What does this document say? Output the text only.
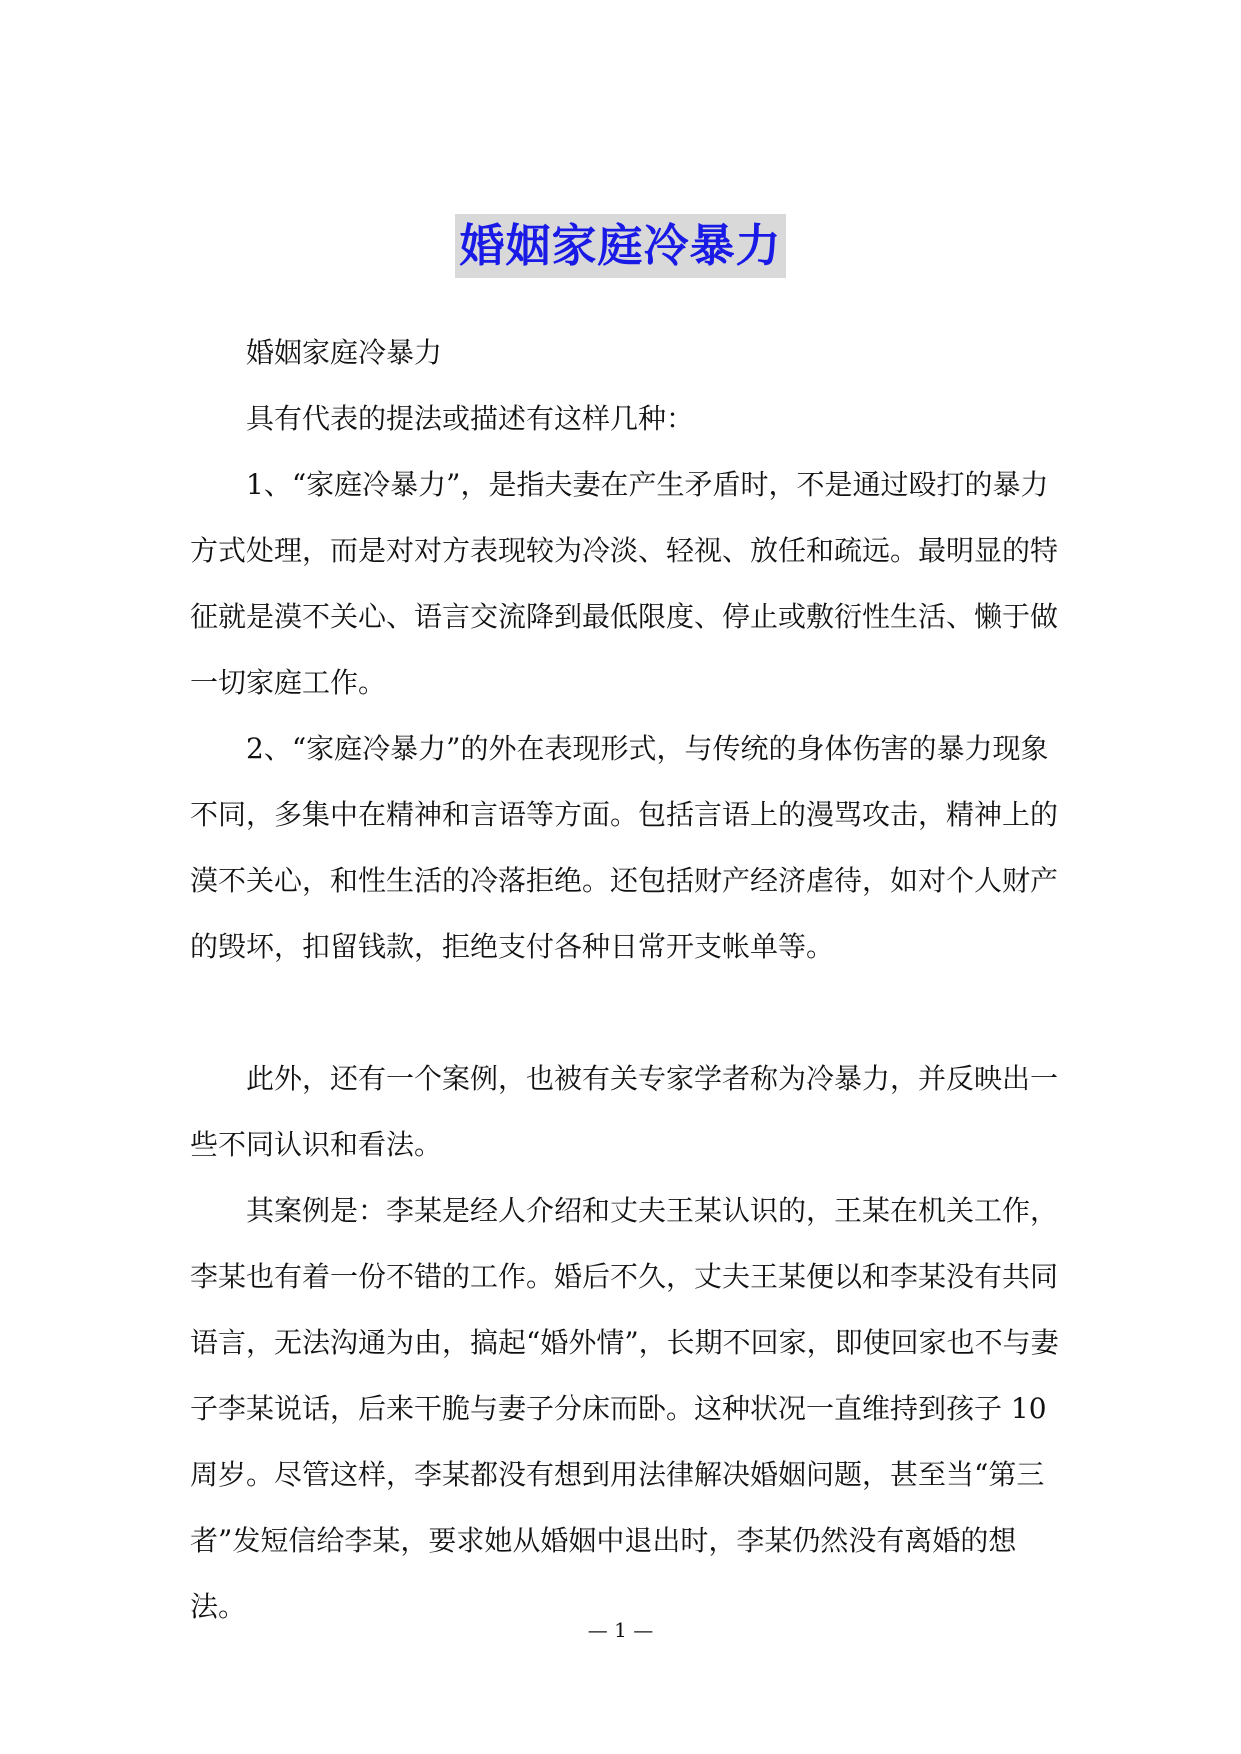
婚姻家庭冷暴力

婚姻家庭冷暴力

具有代表的提法或描述有这样几种：

1、“家庭冷暴力”，是指夫妻在产生矛盾时，不是通过殴打的暴力方式处理，而是对对方表现较为冷淡、轻视、放任和疏远。最明显的特征就是漠不关心、语言交流降到最低限度、停止或敷衍性生活、懒于做一切家庭工作。

2、“家庭冷暴力”的外在表现形式，与传统的身体伤害的暴力现象不同，多集中在精神和言语等方面。包括言语上的漫骂攻击，精神上的漠不关心，和性生活的冷落拒绝。还包括财产经济虐待，如对个人财产的毁坏，扣留钱款，拒绝支付各种日常开支帐单等。

此外，还有一个案例，也被有关专家学者称为冷暴力，并反映出一些不同认识和看法。

其案例是：李某是经人介绍和丈夫王某认识的，王某在机关工作，李某也有着一份不错的工作。婚后不久，丈夫王某便以和李某没有共同语言，无法沟通为由，搞起“婚外情”，长期不回家，即使回家也不与妻子李某说话，后来干脆与妻子分床而卧。这种状况一直维持到孩子 10 周岁。尽管这样，李某都没有想到用法律解决婚姻问题，甚至当“第三者”发短信给李某，要求她从婚姻中退出时，李某仍然没有离婚的想法。

— 1 —
